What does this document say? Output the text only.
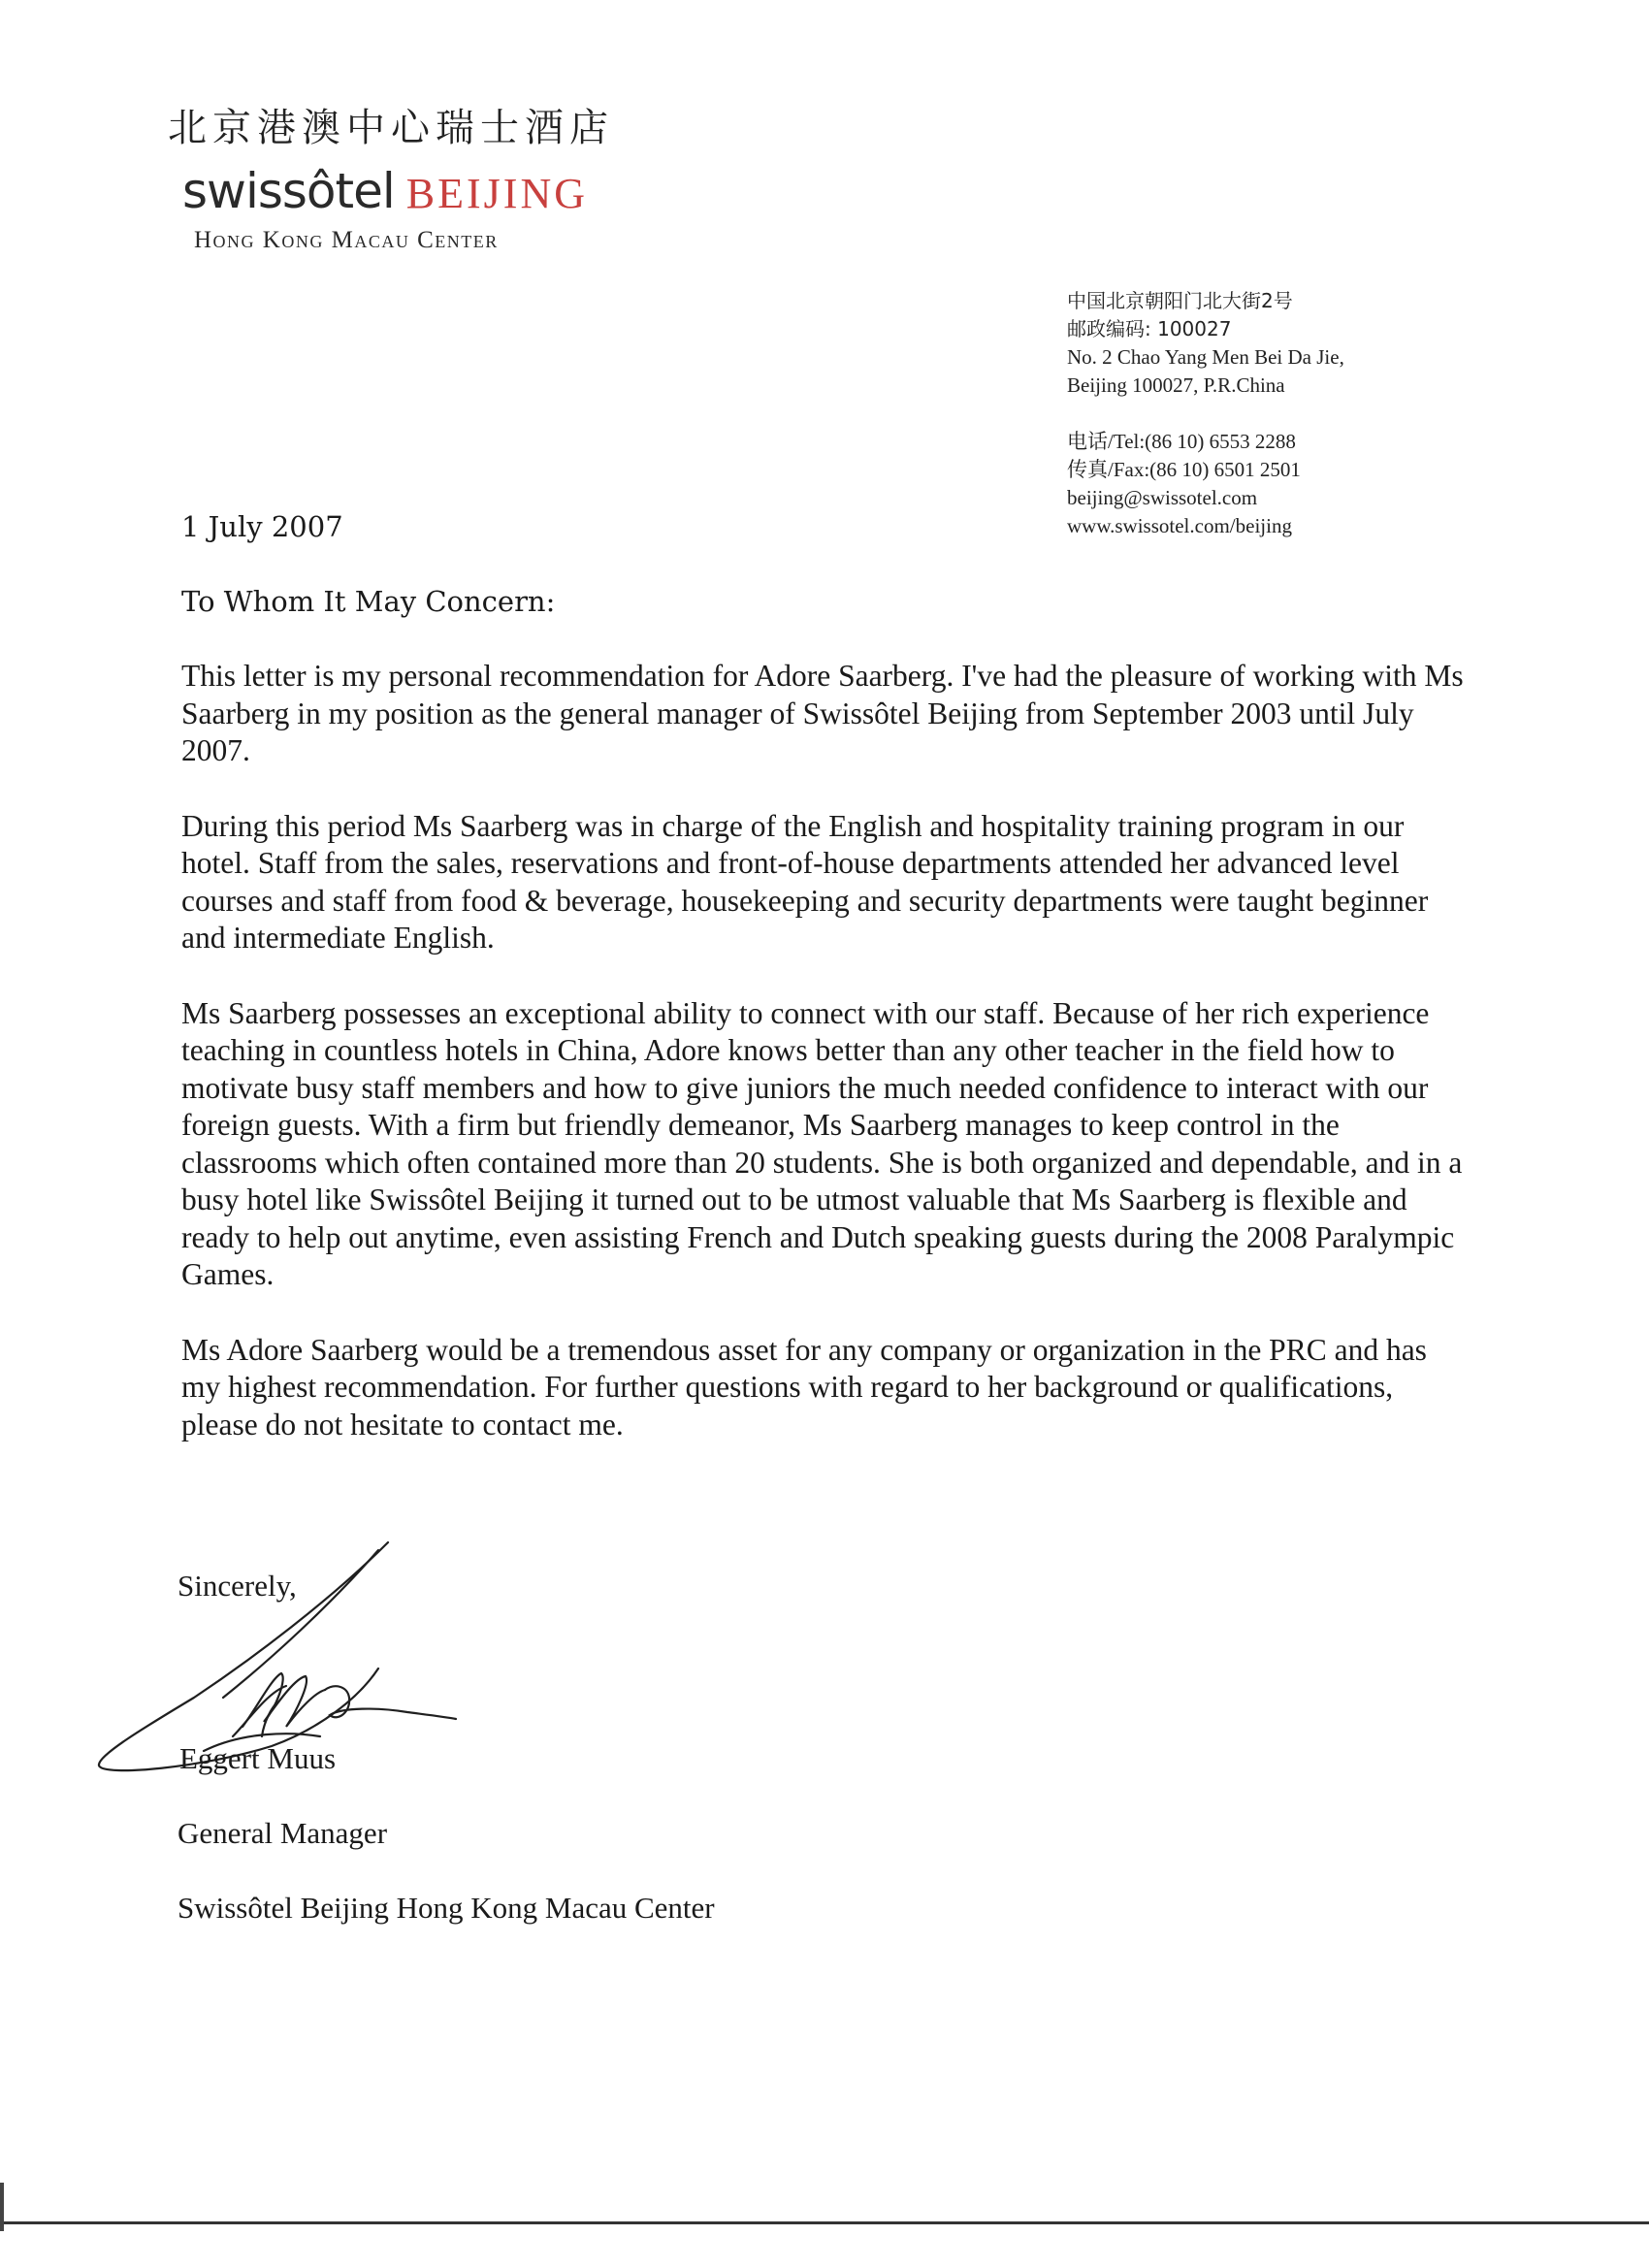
北京港澳中心瑞士酒店
swissôtel BEIJING
Hong Kong Macau Center
中国北京朝阳门北大街2号
邮政编码: 100027
No. 2 Chao Yang Men Bei Da Jie,
Beijing 100027, P.R.China
电话/Tel:(86 10) 6553 2288
传真/Fax:(86 10) 6501 2501
beijing@swissotel.com
www.swissotel.com/beijing
1 July 2007
To Whom It May Concern:

This letter is my personal recommendation for Adore Saarberg. I've had the pleasure of working with Ms Saarberg in my position as the general manager of Swissôtel Beijing from September 2003 until July 2007.

During this period Ms Saarberg was in charge of the English and hospitality training program in our hotel. Staff from the sales, reservations and front-of-house departments attended her advanced level courses and staff from food & beverage, housekeeping and security departments were taught beginner and intermediate English.

Ms Saarberg possesses an exceptional ability to connect with our staff. Because of her rich experience teaching in countless hotels in China, Adore knows better than any other teacher in the field how to motivate busy staff members and how to give juniors the much needed confidence to interact with our foreign guests. With a firm but friendly demeanor, Ms Saarberg manages to keep control in the classrooms which often contained more than 20 students. She is both organized and dependable, and in a busy hotel like Swissôtel Beijing it turned out to be utmost valuable that Ms Saarberg is flexible and ready to help out anytime, even assisting French and Dutch speaking guests during the 2008 Paralympic Games.

Ms Adore Saarberg would be a tremendous asset for any company or organization in the PRC and has my highest recommendation. For further questions with regard to her background or qualifications, please do not hesitate to contact me.

Sincerely,
Eggert Muus
General Manager
Swissôtel Beijing Hong Kong Macau Center
